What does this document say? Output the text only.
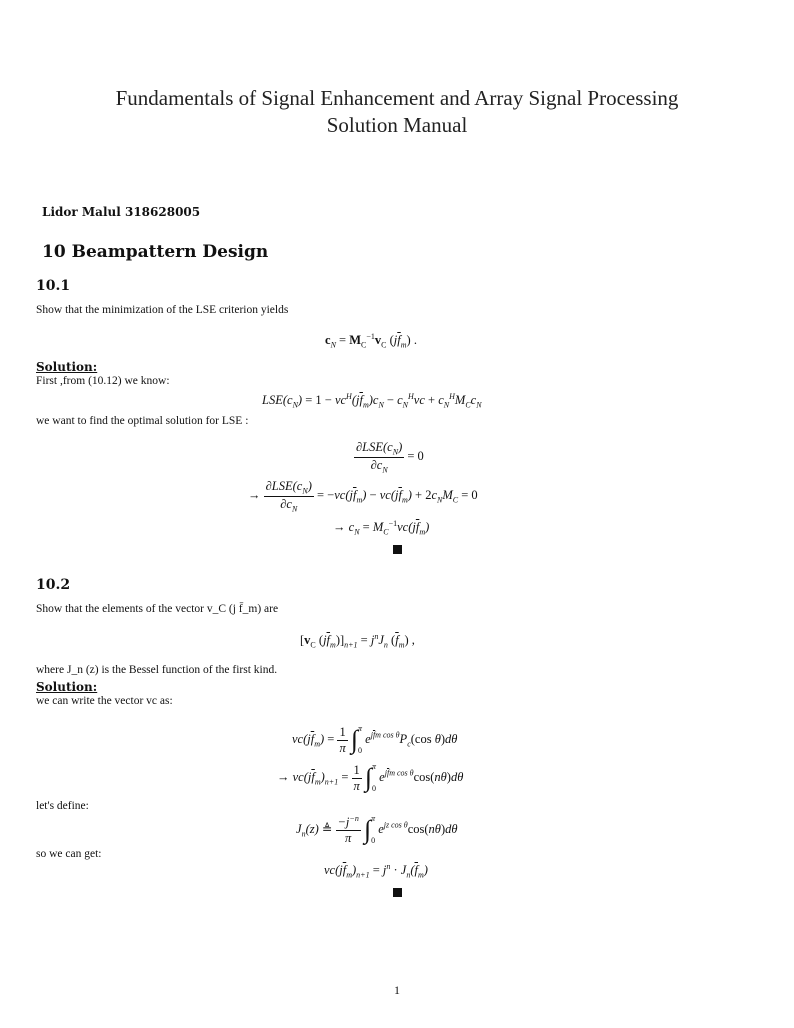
Fundamentals of Signal Enhancement and Array Signal Processing
Solution Manual
Lidor Malul 318628005
10 Beampattern Design
10.1
Show that the minimization of the LSE criterion yields
$c_N = M_C^{-1}v_C$ $(j\overline{f}_m)$ .
Solution:
First ,from (10.12) we know:
$LSE(c_N) = 1 - vc^H(j\overline{f}_m)c_N - c_N^Hvc + c_N^HM_Cc_N$
we want to find the optimal solution for LSE :
$\frac{\partial LSE(c_N)}{\partial c_N} = 0$
→ $\frac{\partial LSE(c_N)}{\partial c_N} = -vc(j\overline{f}_m) - vc(j\overline{f}_m) + 2c_NM_C = 0$
→ $c_N = M_C^{-1}vc(j\overline{f}_m)$
10.2
Show that the elements of the vector v_C (j f̄_m) are
[$v_C$ $(j\overline{f}_m)]_{n+1} = j^nJ_n$ $(\overline{f}_m)$ ,
where J_n (z) is the Bessel function of the first kind.
Solution:
we can write the vector vc as:
$vc(j\overline{f}_m) = \frac{1}{\pi}$ ∫ π
0
$e^{j\overline{f}m cos \theta}P_c(\cos$ θ)dθ
→ $vc(j\overline{f}_m)_{n+1} = \frac{1}{\pi}$ ∫ π
0
$e^{j\overline{f}m cos \theta}\cos(n\theta)d\theta$
let's define:
$J_n(z)$ ≜ $\frac{-j^{-n}}{\pi}$ ∫ π
0
$e^{jz cos \theta}\cos(n\theta)d\theta$
so we can get:
$vc(j\overline{f}_m)_{n+1} = j^n \cdot J_n(\overline{f}_m)$
1
